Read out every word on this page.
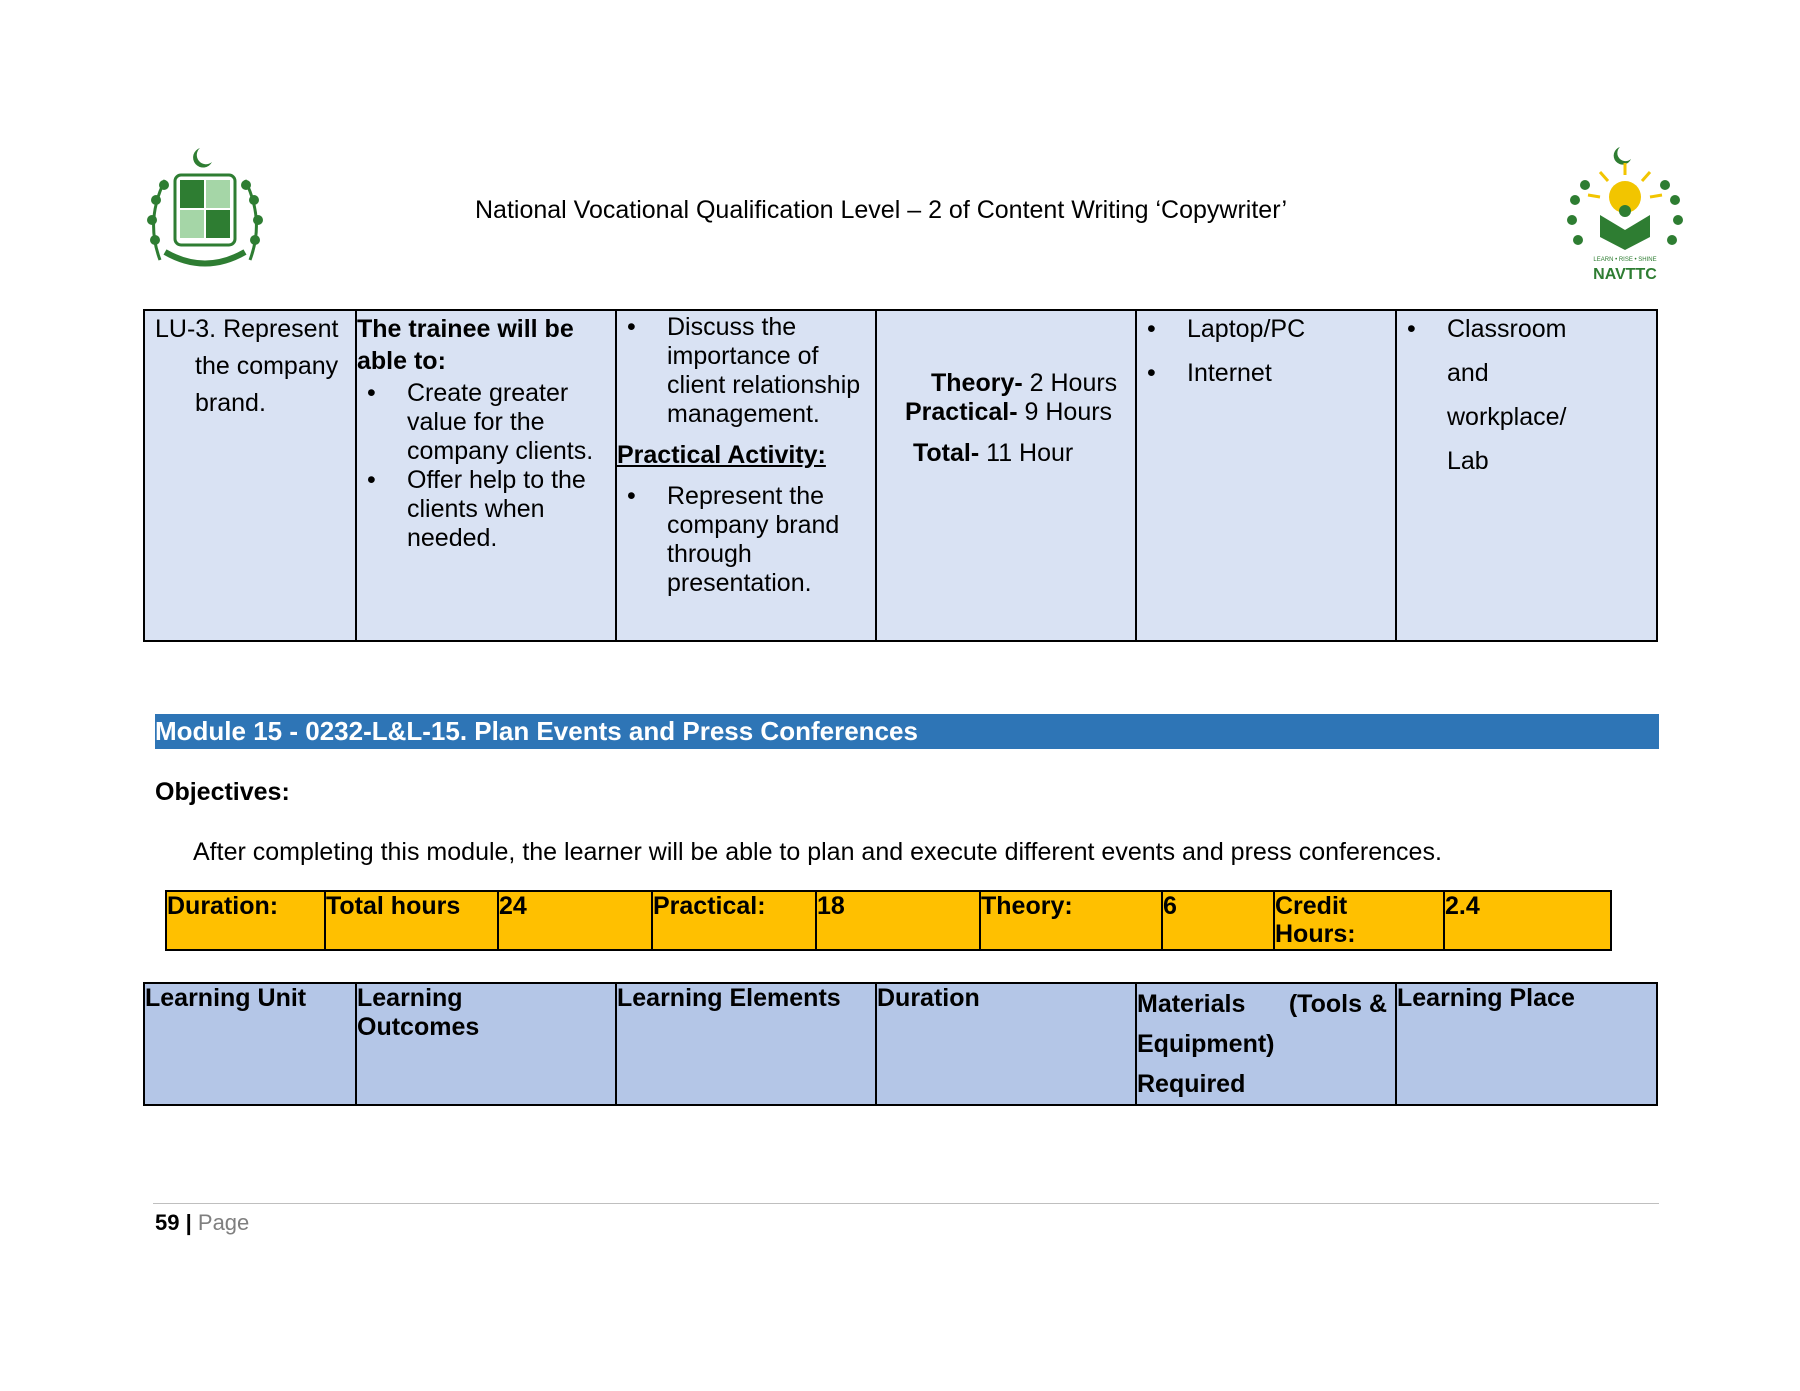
National Vocational Qualification Level – 2 of Content Writing ‘Copywriter’
LEARN • RISE • SHINE
NAVTTC
LU-3. Represent
the company
brand.

The trainee will be able to:
• Create greater value for the company clients.
• Offer help to the clients when needed.

• Discuss the importance of client relationship management.
Practical Activity:
• Represent the company brand through presentation.

Theory- 2 Hours
Practical- 9 Hours
Total- 11 Hour

• Laptop/PC
• Internet

• Classroom
and
workplace/
Lab
Module 15 - 0232-L&L-15. Plan Events and Press Conferences
Objectives:
After completing this module, the learner will be able to plan and execute different events and press conferences.
Duration:	Total hours	24	Practical:	18	Theory:	6	Credit
Hours:	2.4
Learning Unit	Learning
Outcomes	Learning Elements	Duration	Materials (Tools &
Equipment)
Required	Learning Place
59 | Page
